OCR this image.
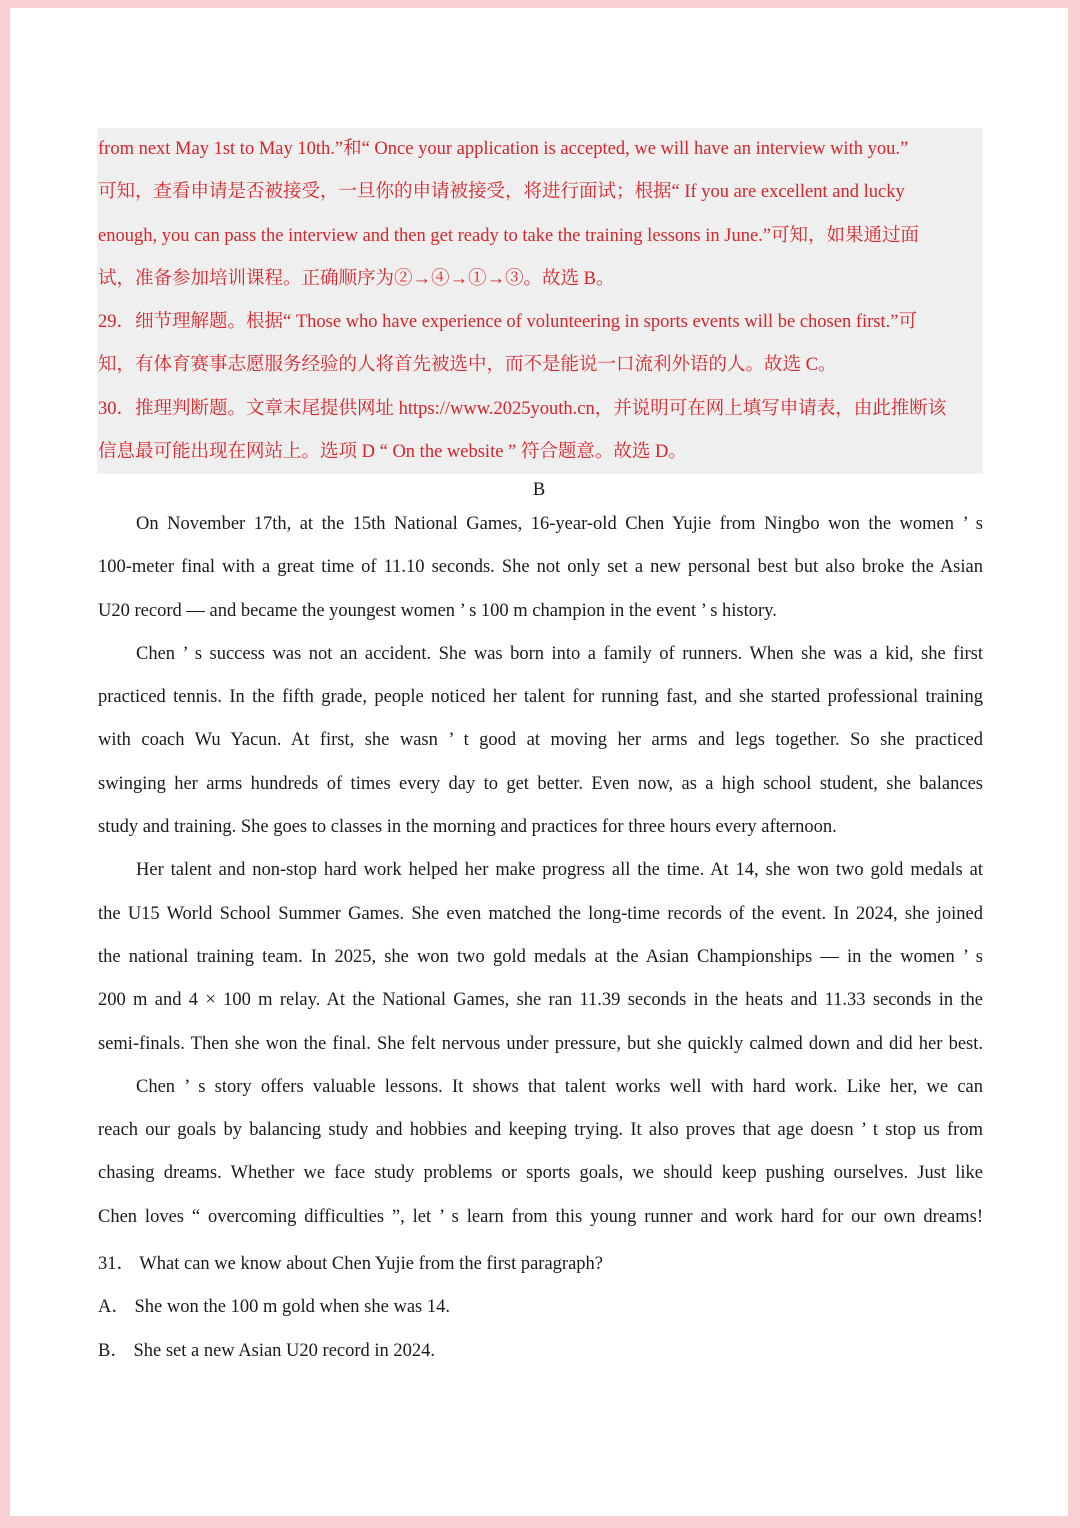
from next May 1st to May 10th.”和“ Once your application is accepted, we will have an interview with you.”

可知，查看申请是否被接受，一旦你的申请被接受，将进行面试；根据“ If you are excellent and lucky

enough, you can pass the interview and then get ready to take the training lessons in June.”可知，如果通过面

试，准备参加培训课程。正确顺序为②→④→①→③。故选 B。

29．细节理解题。根据“ Those who have experience of volunteering in sports events will be chosen first.”可

知，有体育赛事志愿服务经验的人将首先被选中，而不是能说一口流利外语的人。故选 C。

30．推理判断题。文章末尾提供网址 https://www.2025youth.cn，并说明可在网上填写申请表，由此推断该

信息最可能出现在网站上。选项 D “ On the website ” 符合题意。故选 D。

B
On November 17th, at the 15th National Games, 16-year-old Chen Yujie from Ningbo won the women ’ s
100-meter final with a great time of 11.10 seconds. She not only set a new personal best but also broke the Asian
U20 record — and became the youngest women ’ s 100 m champion in the event ’ s history.
Chen ’ s success was not an accident. She was born into a family of runners. When she was a kid, she first
practiced tennis. In the fifth grade, people noticed her talent for running fast, and she started professional training
with coach Wu Yacun. At first, she wasn ’ t good at moving her arms and legs together. So she practiced
swinging her arms hundreds of times every day to get better. Even now, as a high school student, she balances
study and training. She goes to classes in the morning and practices for three hours every afternoon.
Her talent and non-stop hard work helped her make progress all the time. At 14, she won two gold medals at
the U15 World School Summer Games. She even matched the long-time records of the event. In 2024, she joined
the national training team. In 2025, she won two gold medals at the Asian Championships — in the women ’ s
200 m and 4 × 100 m relay. At the National Games, she ran 11.39 seconds in the heats and 11.33 seconds in the
semi-finals. Then she won the final. She felt nervous under pressure, but she quickly calmed down and did her best.
Chen ’ s story offers valuable lessons. It shows that talent works well with hard work. Like her, we can
reach our goals by balancing study and hobbies and keeping trying. It also proves that age doesn ’ t stop us from
chasing dreams. Whether we face study problems or sports goals, we should keep pushing ourselves. Just like
Chen loves “ overcoming difficulties ”, let ’ s learn from this young runner and work hard for our own dreams!
31． What can we know about Chen Yujie from the first paragraph?
A． She won the 100 m gold when she was 14.
B． She set a new Asian U20 record in 2024.
